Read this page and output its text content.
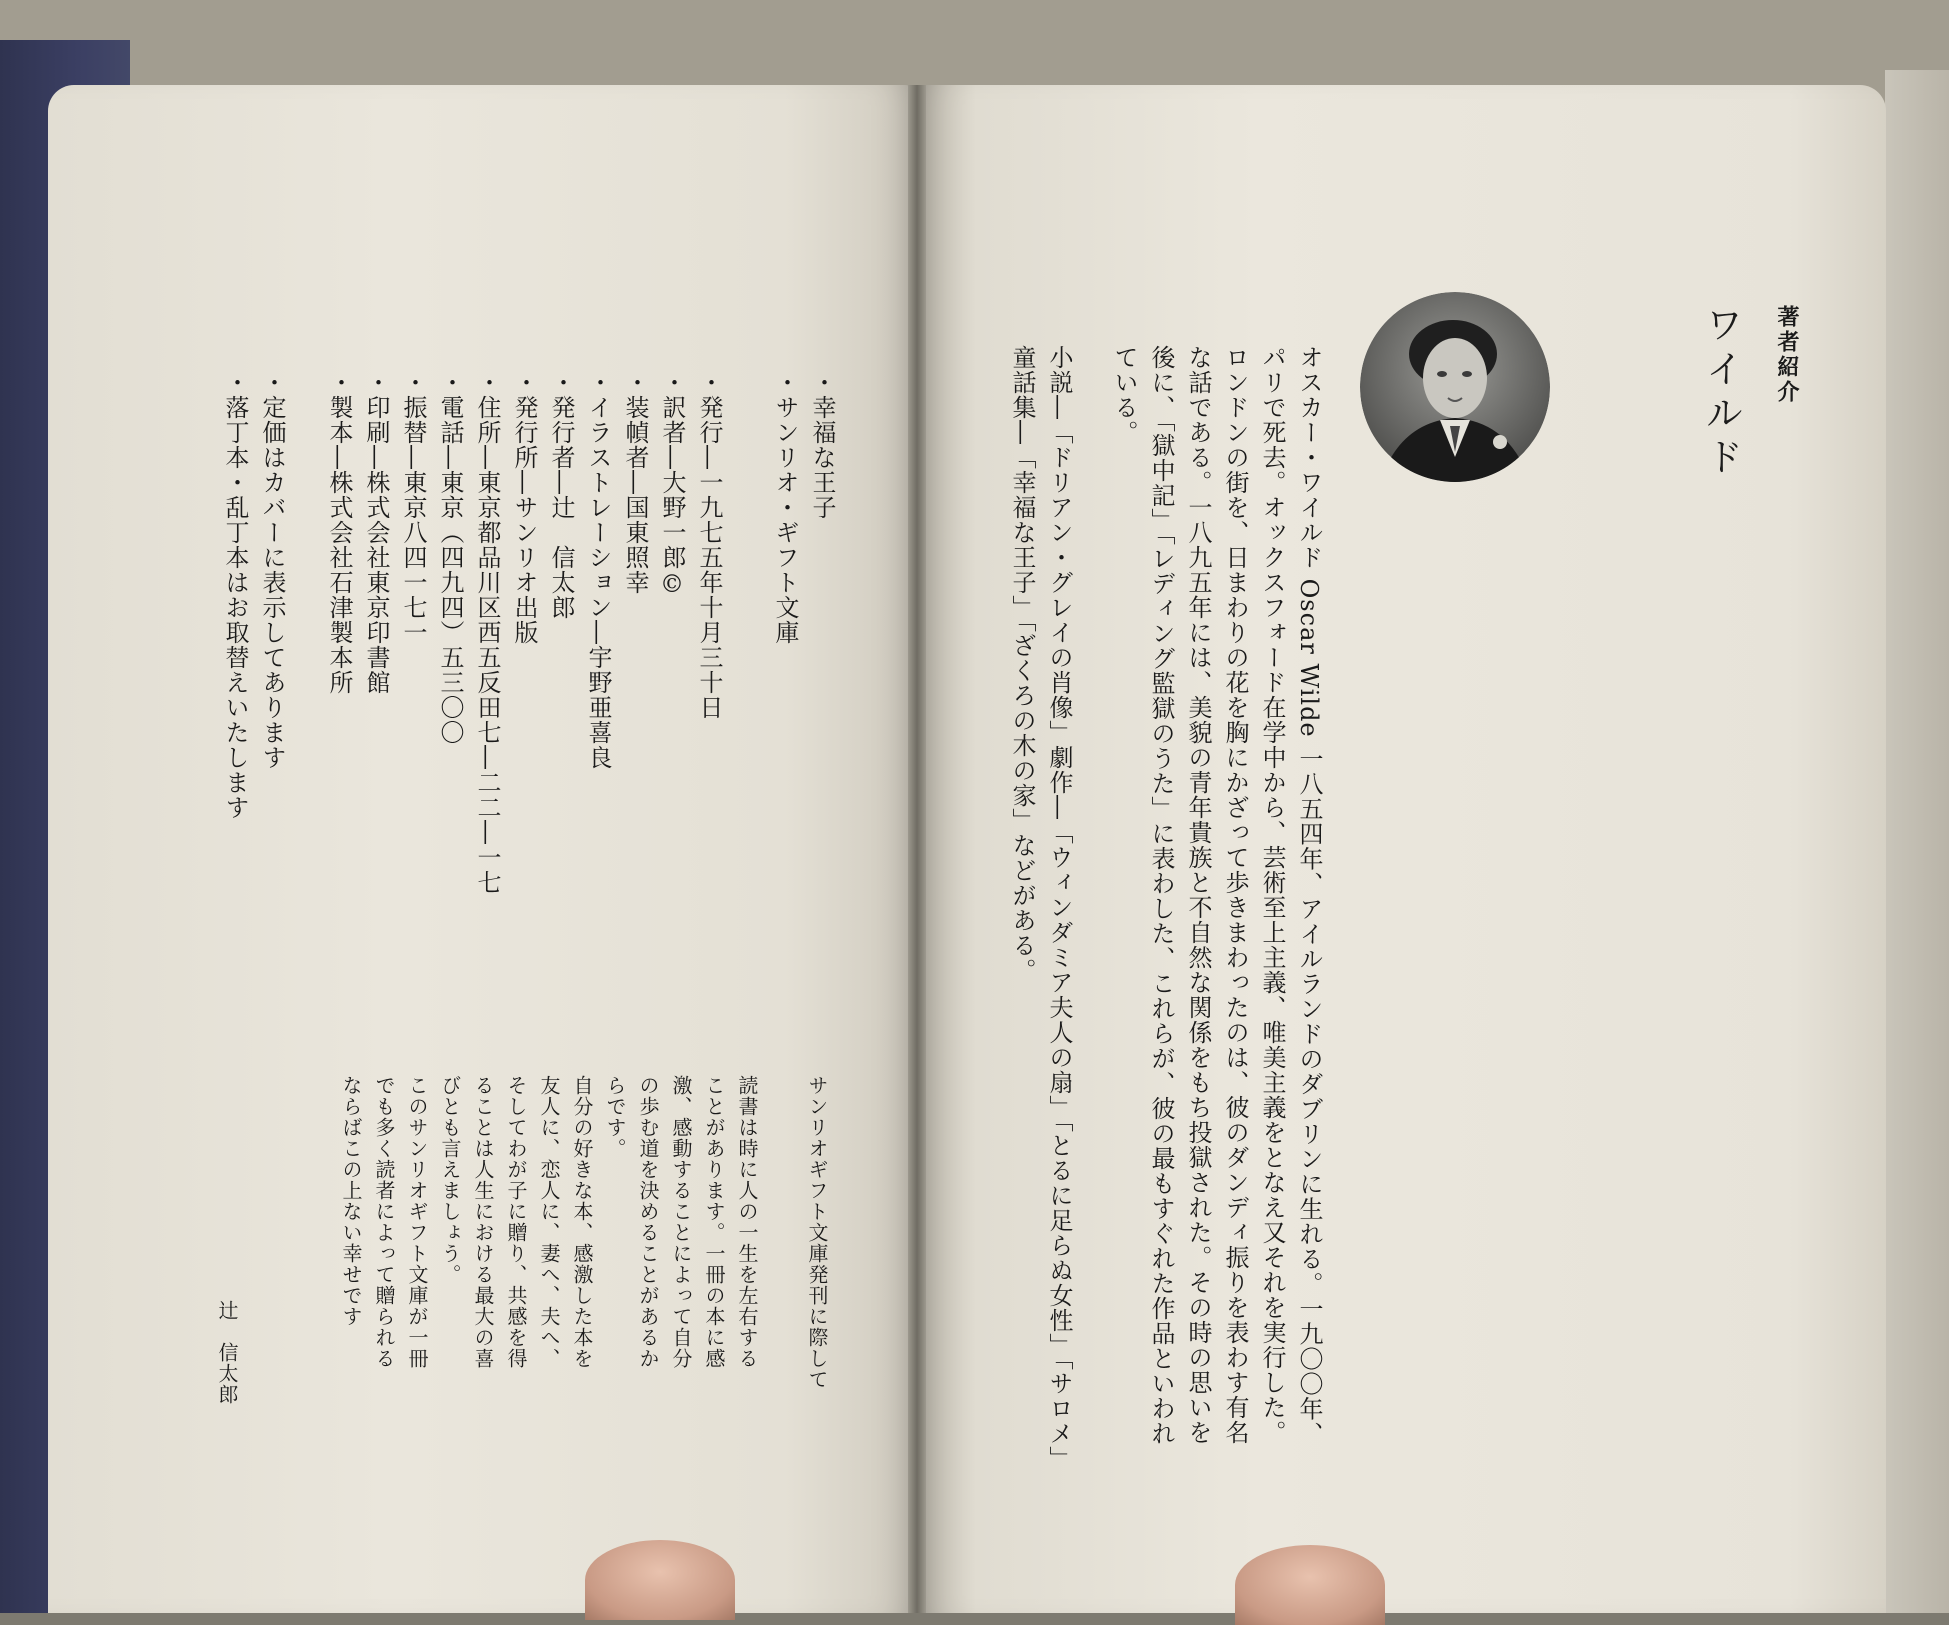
・幸福な王子
・サンリオ・ギフト文庫
・発行―一九七五年十月三十日
・訳者―大野一郎©
・装幀者―国東照幸
・イラストレーション―宇野亜喜良
・発行者―辻　信太郎
・発行所―サンリオ出版
・住所―東京都品川区西五反田七―二二―一七
・電話―東京（四九四）五三〇〇
・振替―東京八四一七一
・印刷―株式会社東京印書館
・製本―株式会社石津製本所
・定価はカバーに表示してあります
・落丁本・乱丁本はお取替えいたします
サンリオギフト文庫発刊に際して
読書は時に人の一生を左右する
ことがあります。一冊の本に感
激、感動することによって自分
の歩む道を決めることがあるか
らです。
自分の好きな本、感激した本を
友人に、恋人に、妻へ、夫へ、
そしてわが子に贈り、共感を得
ることは人生における最大の喜
びとも言えましょう。
このサンリオギフト文庫が一冊
でも多く読者によって贈られる
ならばこの上ない幸せです
辻　信太郎
著者紹介
ワイルド
オスカー・ワイルド Oscar Wilde 一八五四年、アイルランドのダブリンに生れる。一九〇〇年、
パリで死去。オックスフォード在学中から、芸術至上主義、唯美主義をとなえ又それを実行した。
ロンドンの街を、日まわりの花を胸にかざって歩きまわったのは、彼のダンディ振りを表わす有名
な話である。一八九五年には、美貌の青年貴族と不自然な関係をもち投獄された。その時の思いを
後に、「獄中記」「レディング監獄のうた」に表わした、これらが、彼の最もすぐれた作品といわれ
ている。
小説―「ドリアン・グレイの肖像」劇作―「ウィンダミア夫人の扇」「とるに足らぬ女性」「サロメ」
童話集―「幸福な王子」「ざくろの木の家」などがある。
